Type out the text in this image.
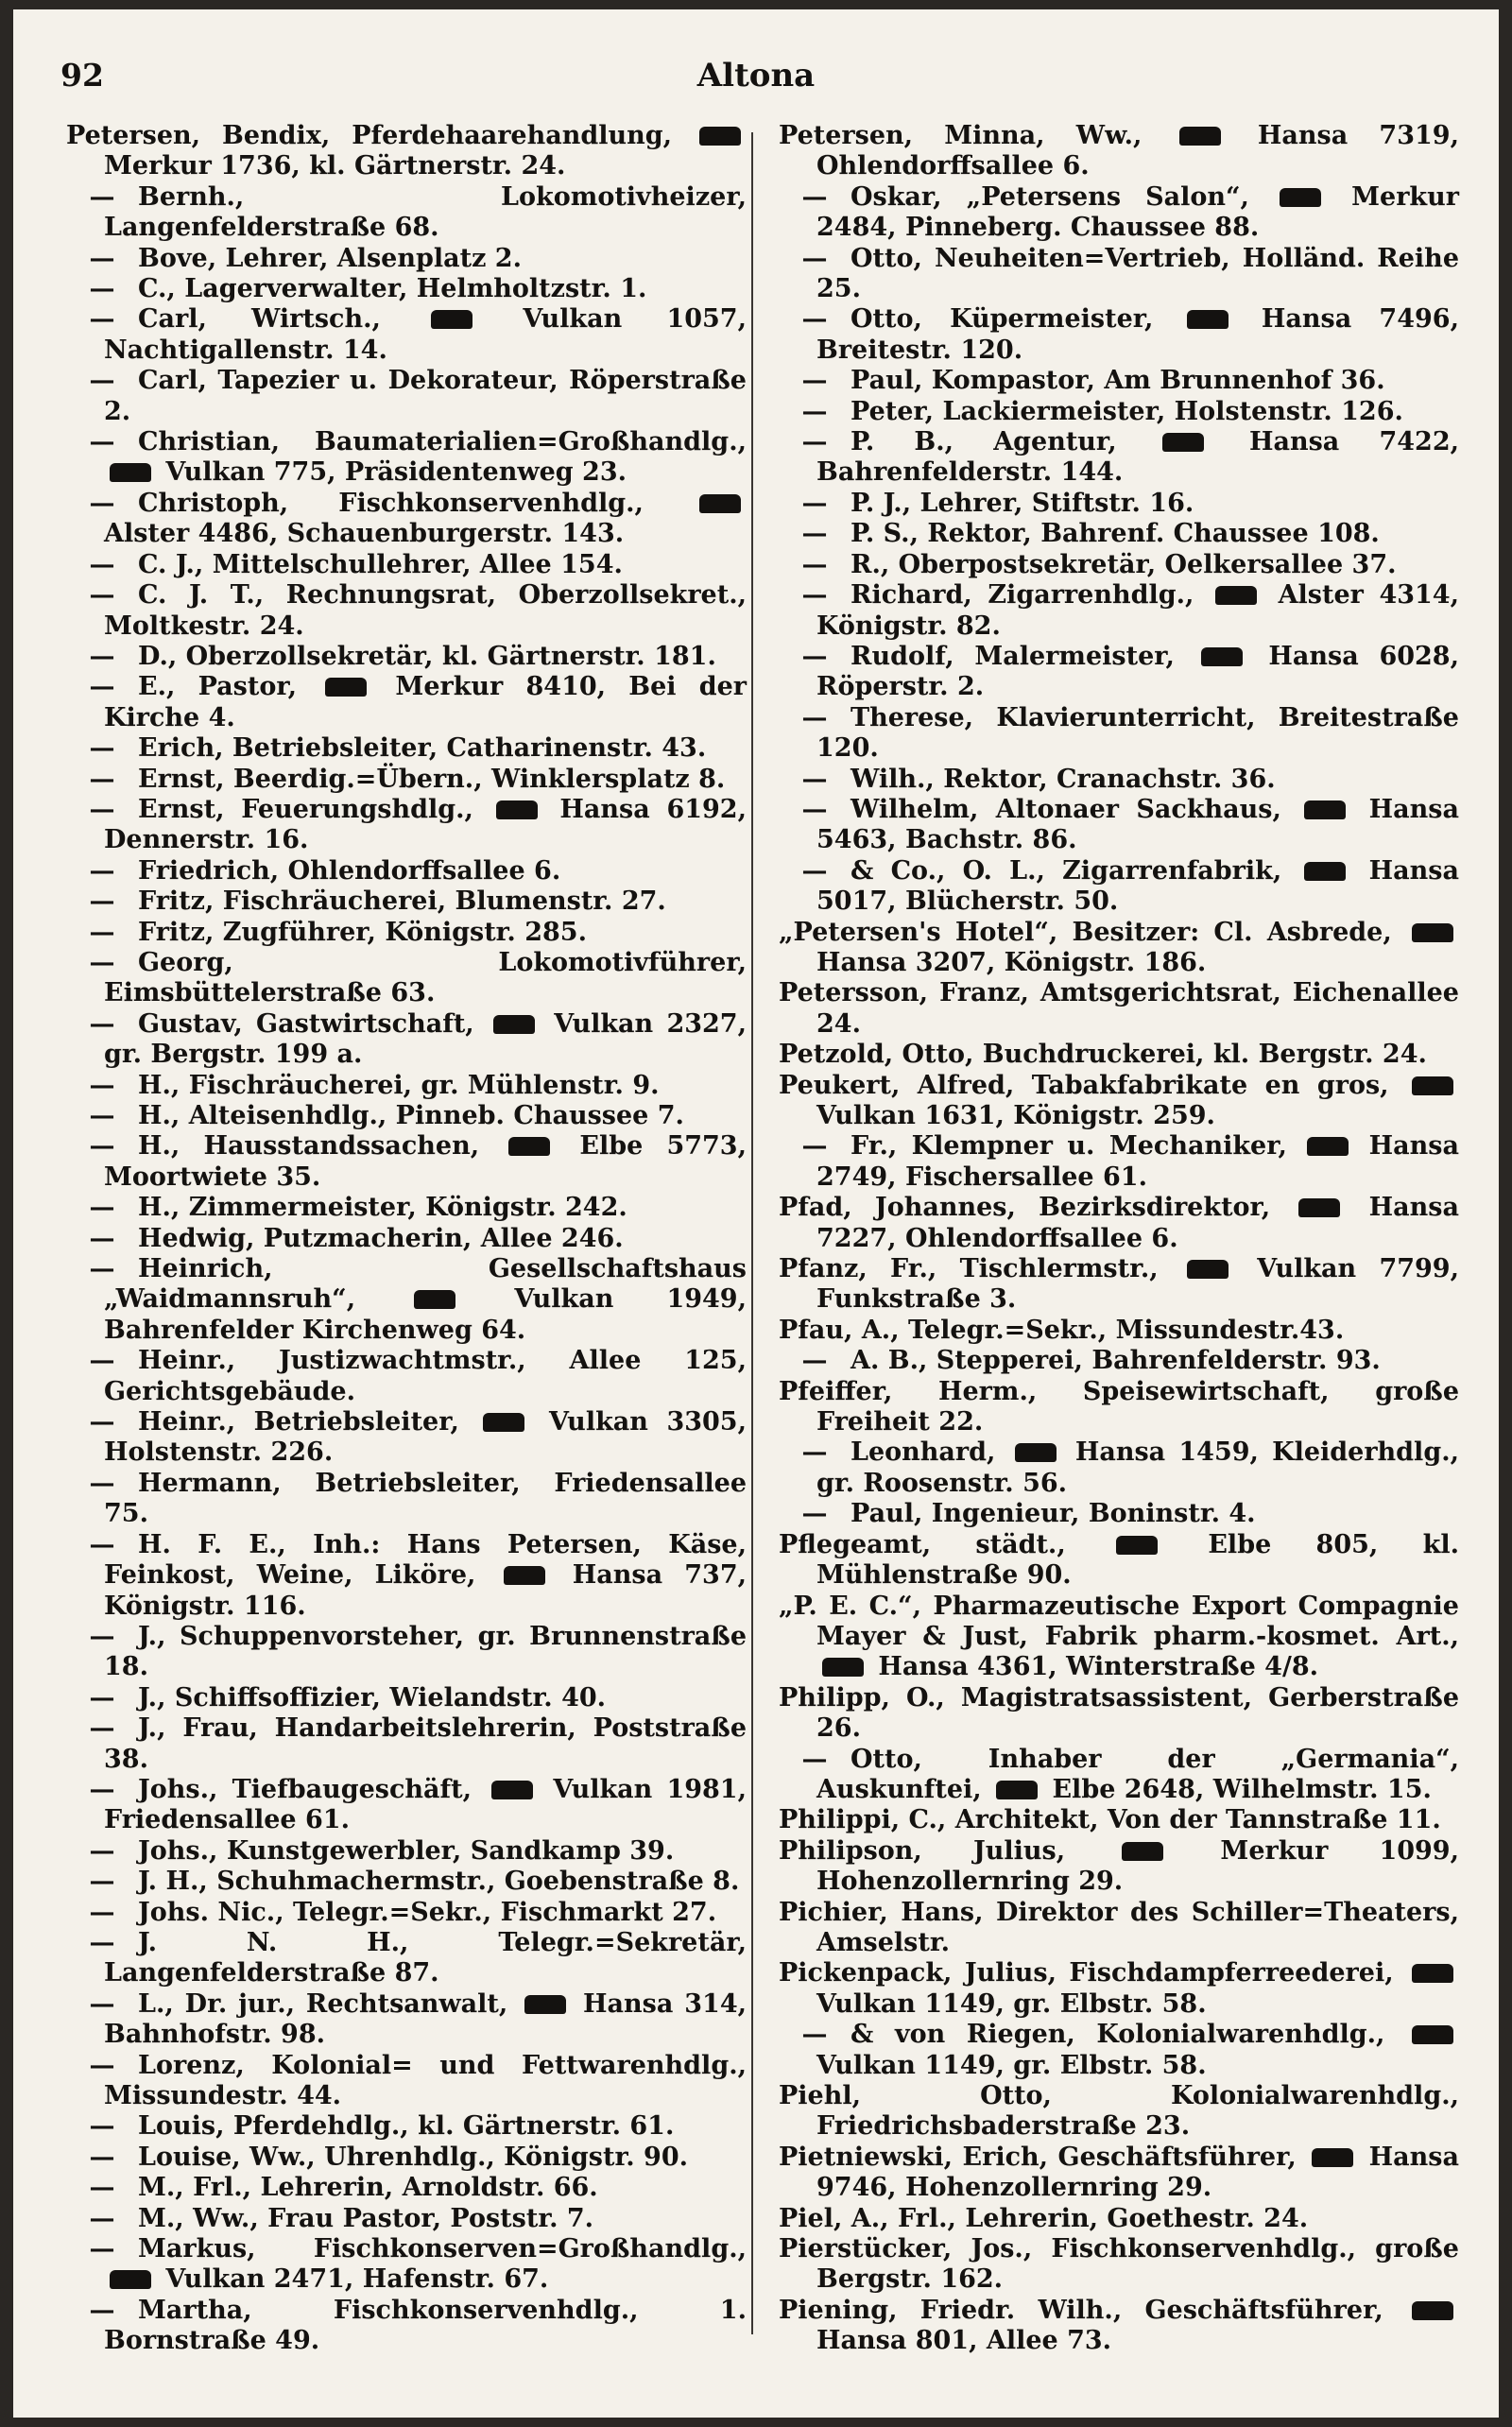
92	Altona

Petersen, Bendix, Pferdehaarehandlung,  Merkur 1736, kl. Gärtnerstr. 24.

— Bernh., Lokomotivheizer, Langenfelderstraße 68.

— Bove, Lehrer, Alsenplatz 2.

— C., Lagerverwalter, Helmholtzstr. 1.

— Carl, Wirtsch.,  Vulkan 1057, Nachtigallenstr. 14.

— Carl, Tapezier u. Dekorateur, Röperstraße 2.

— Christian, Baumaterialien=Großhandlg.,  Vulkan 775, Präsidentenweg 23.

— Christoph, Fischkonservenhdlg.,  Alster 4486, Schauenburgerstr. 143.

— C. J., Mittelschullehrer, Allee 154.

— C. J. T., Rechnungsrat, Oberzollsekret., Moltkestr. 24.

— D., Oberzollsekretär, kl. Gärtnerstr. 181.

— E., Pastor,  Merkur 8410, Bei der Kirche 4.

— Erich, Betriebsleiter, Catharinenstr. 43.

— Ernst, Beerdig.=Übern., Winklersplatz 8.

— Ernst, Feuerungshdlg.,  Hansa 6192, Dennerstr. 16.

— Friedrich, Ohlendorffsallee 6.

— Fritz, Fischräucherei, Blumenstr. 27.

— Fritz, Zugführer, Königstr. 285.

— Georg, Lokomotivführer, Eimsbüttelerstraße 63.

— Gustav, Gastwirtschaft,  Vulkan 2327, gr. Bergstr. 199 a.

— H., Fischräucherei, gr. Mühlenstr. 9.

— H., Alteisenhdlg., Pinneb. Chaussee 7.

— H., Hausstandssachen,  Elbe 5773, Moortwiete 35.

— H., Zimmermeister, Königstr. 242.

— Hedwig, Putzmacherin, Allee 246.

— Heinrich, Gesellschaftshaus „Waidmannsruh“,  Vulkan 1949, Bahrenfelder Kirchenweg 64.

— Heinr., Justizwachtmstr., Allee 125, Gerichtsgebäude.

— Heinr., Betriebsleiter,  Vulkan 3305, Holstenstr. 226.

— Hermann, Betriebsleiter, Friedensallee 75.

— H. F. E., Inh.: Hans Petersen, Käse, Feinkost, Weine, Liköre,  Hansa 737, Königstr. 116.

— J., Schuppenvorsteher, gr. Brunnenstraße 18.

— J., Schiffsoffizier, Wielandstr. 40.

— J., Frau, Handarbeitslehrerin, Poststraße 38.

— Johs., Tiefbaugeschäft,  Vulkan 1981, Friedensallee 61.

— Johs., Kunstgewerbler, Sandkamp 39.

— J. H., Schuhmachermstr., Goebenstraße 8.

— Johs. Nic., Telegr.=Sekr., Fischmarkt 27.

— J. N. H., Telegr.=Sekretär, Langenfelderstraße 87.

— L., Dr. jur., Rechtsanwalt,  Hansa 314, Bahnhofstr. 98.

— Lorenz, Kolonial= und Fettwarenhdlg., Missundestr. 44.

— Louis, Pferdehdlg., kl. Gärtnerstr. 61.

— Louise, Ww., Uhrenhdlg., Königstr. 90.

— M., Frl., Lehrerin, Arnoldstr. 66.

— M., Ww., Frau Pastor, Poststr. 7.

— Markus, Fischkonserven=Großhandlg.,  Vulkan 2471, Hafenstr. 67.

— Martha, Fischkonservenhdlg., 1. Bornstraße 49.

Petersen, Minna, Ww.,  Hansa 7319, Ohlendorffsallee 6.

— Oskar, „Petersens Salon“,  Merkur 2484, Pinneberg. Chaussee 88.

— Otto, Neuheiten=Vertrieb, Holländ. Reihe 25.

— Otto, Küpermeister,  Hansa 7496, Breitestr. 120.

— Paul, Kompastor, Am Brunnenhof 36.

— Peter, Lackiermeister, Holstenstr. 126.

— P. B., Agentur,  Hansa 7422, Bahrenfelderstr. 144.

— P. J., Lehrer, Stiftstr. 16.

— P. S., Rektor, Bahrenf. Chaussee 108.

— R., Oberpostsekretär, Oelkersallee 37.

— Richard, Zigarrenhdlg.,  Alster 4314, Königstr. 82.

— Rudolf, Malermeister,  Hansa 6028, Röperstr. 2.

— Therese, Klavierunterricht, Breitestraße 120.

— Wilh., Rektor, Cranachstr. 36.

— Wilhelm, Altonaer Sackhaus,  Hansa 5463, Bachstr. 86.

— & Co., O. L., Zigarrenfabrik,  Hansa 5017, Blücherstr. 50.

„Petersen's Hotel“, Besitzer: Cl. Asbrede,  Hansa 3207, Königstr. 186.

Petersson, Franz, Amtsgerichtsrat, Eichenallee 24.

Petzold, Otto, Buchdruckerei, kl. Bergstr. 24.

Peukert, Alfred, Tabakfabrikate en gros,  Vulkan 1631, Königstr. 259.

— Fr., Klempner u. Mechaniker,  Hansa 2749, Fischersallee 61.

Pfad, Johannes, Bezirksdirektor,  Hansa 7227, Ohlendorffsallee 6.

Pfanz, Fr., Tischlermstr.,  Vulkan 7799, Funkstraße 3.

Pfau, A., Telegr.=Sekr., Missundestr.43.

— A. B., Stepperei, Bahrenfelderstr. 93.

Pfeiffer, Herm., Speisewirtschaft, große Freiheit 22.

— Leonhard,  Hansa 1459, Kleiderhdlg., gr. Roosenstr. 56.

— Paul, Ingenieur, Boninstr. 4.

Pflegeamt, städt.,  Elbe 805, kl. Mühlenstraße 90.

„P. E. C.“, Pharmazeutische Export Compagnie Mayer & Just, Fabrik pharm.-kosmet. Art.,  Hansa 4361, Winterstraße 4/8.

Philipp, O., Magistratsassistent, Gerberstraße 26.

— Otto, Inhaber der „Germania“, Auskunftei,  Elbe 2648, Wilhelmstr. 15.

Philippi, C., Architekt, Von der Tannstraße 11.

Philipson, Julius,  Merkur 1099, Hohenzollernring 29.

Pichier, Hans, Direktor des Schiller=Theaters, Amselstr.

Pickenpack, Julius, Fischdampferreederei,  Vulkan 1149, gr. Elbstr. 58.

— & von Riegen, Kolonialwarenhdlg.,  Vulkan 1149, gr. Elbstr. 58.

Piehl, Otto, Kolonialwarenhdlg., Friedrichsbaderstraße 23.

Pietniewski, Erich, Geschäftsführer,  Hansa 9746, Hohenzollernring 29.

Piel, A., Frl., Lehrerin, Goethestr. 24.

Pierstücker, Jos., Fischkonservenhdlg., große Bergstr. 162.

Piening, Friedr. Wilh., Geschäftsführer,  Hansa 801, Allee 73.
